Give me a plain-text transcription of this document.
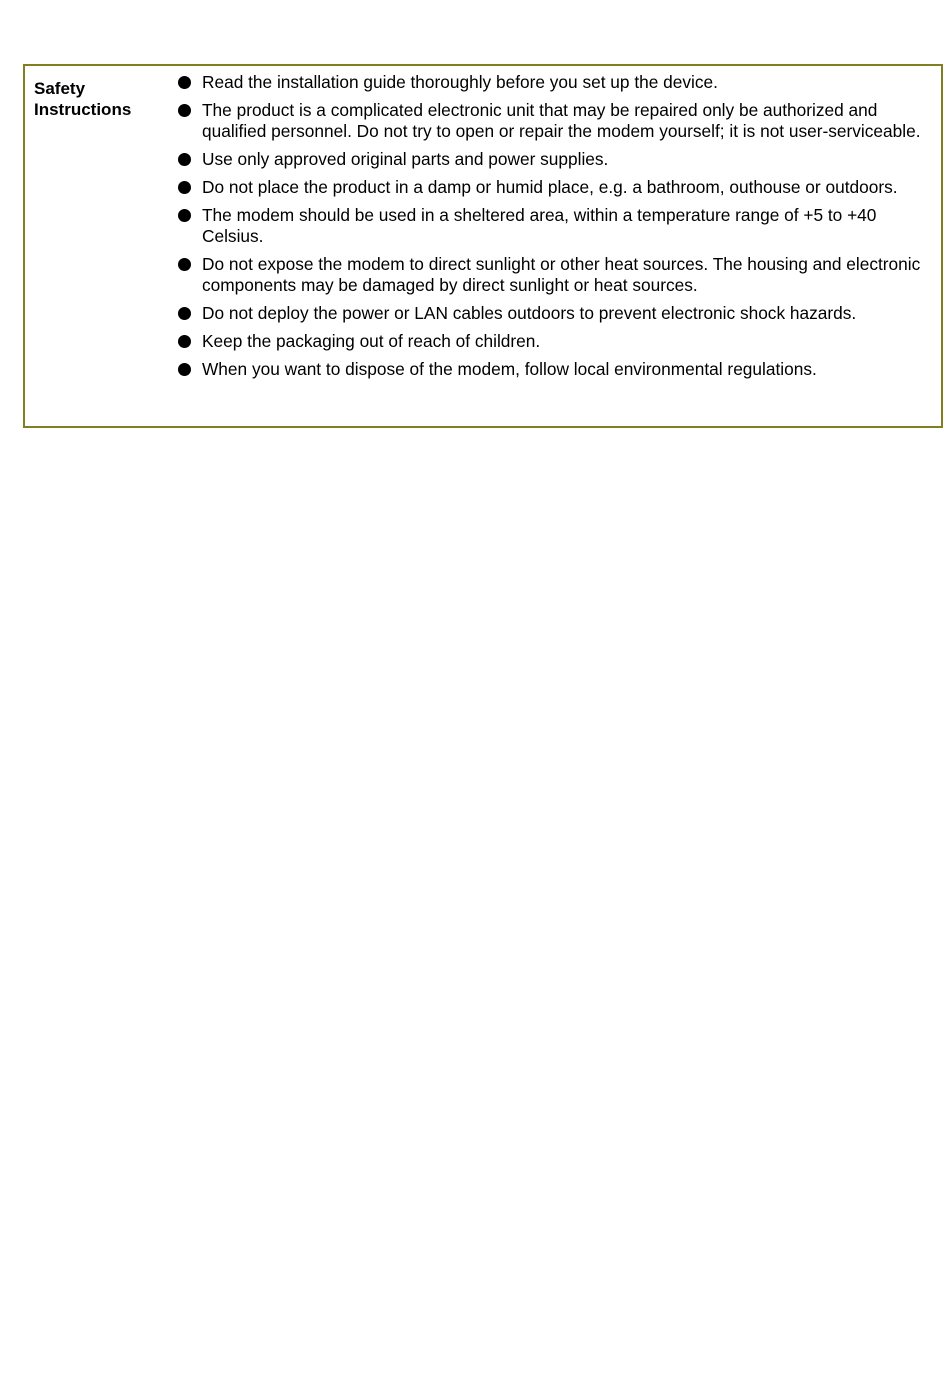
Safety
Instructions
Read the installation guide thoroughly before you set up the device.
The product is a complicated electronic unit that may be repaired only be authorized and qualified personnel. Do not try to open or repair the modem yourself; it is not user-serviceable.
Use only approved original parts and power supplies.
Do not place the product in a damp or humid place, e.g. a bathroom, outhouse or outdoors.
The modem should be used in a sheltered area, within a temperature range of +5 to +40 Celsius.
Do not expose the modem to direct sunlight or other heat sources. The housing and electronic components may be damaged by direct sunlight or heat sources.
Do not deploy the power or LAN cables outdoors to prevent electronic shock hazards.
Keep the packaging out of reach of children.
When you want to dispose of the modem, follow local environmental regulations.
